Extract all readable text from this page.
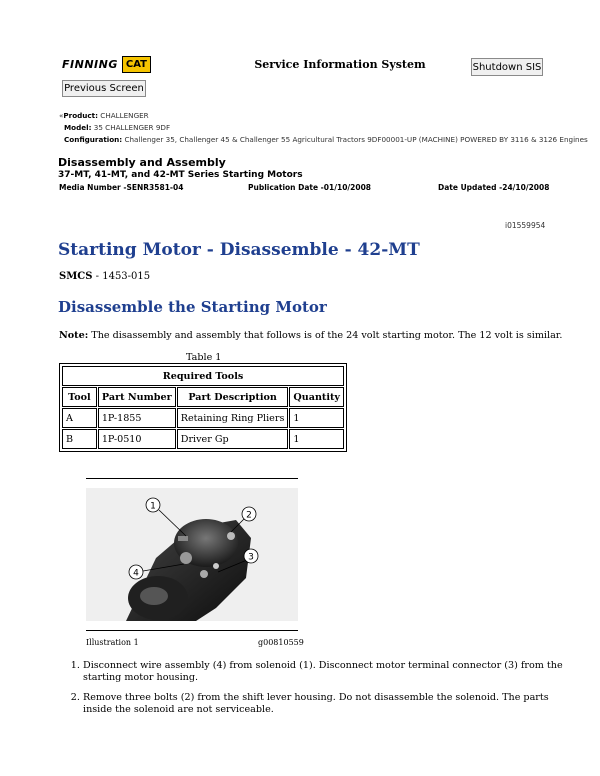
FINNING CAT	Service Information System
Previous Screen
Shutdown SIS
«Product: CHALLENGER
Model: 35 CHALLENGER 9DF
Configuration: Challenger 35, Challenger 45 & Challenger 55 Agricultural Tractors 9DF00001-UP (MACHINE) POWERED BY 3116 & 3126 Engines
Disassembly and Assembly
37-MT, 41-MT, and 42-MT Series Starting Motors
Media Number -SENR3581-04	Publication Date -01/10/2008	Date Updated -24/10/2008
i01559954
Starting Motor - Disassemble - 42-MT
SMCS - 1453-015
Disassemble the Starting Motor
Note: The disassembly and assembly that follows is of the 24 volt starting motor. The 12 volt is similar.
Table 1
Required Tools			
Tool	Part Number	Part Description	Quantity
A	1P-1855	Retaining Ring Pliers	1
B	1P-0510	Driver Gp	1
1
2
3
4
Illustration 1	g00810559
1. Disconnect wire assembly (4) from solenoid (1). Disconnect motor terminal connector (3) from the starting motor housing.
2. Remove three bolts (2) from the shift lever housing. Do not disassemble the solenoid. The parts inside the solenoid are not serviceable.
